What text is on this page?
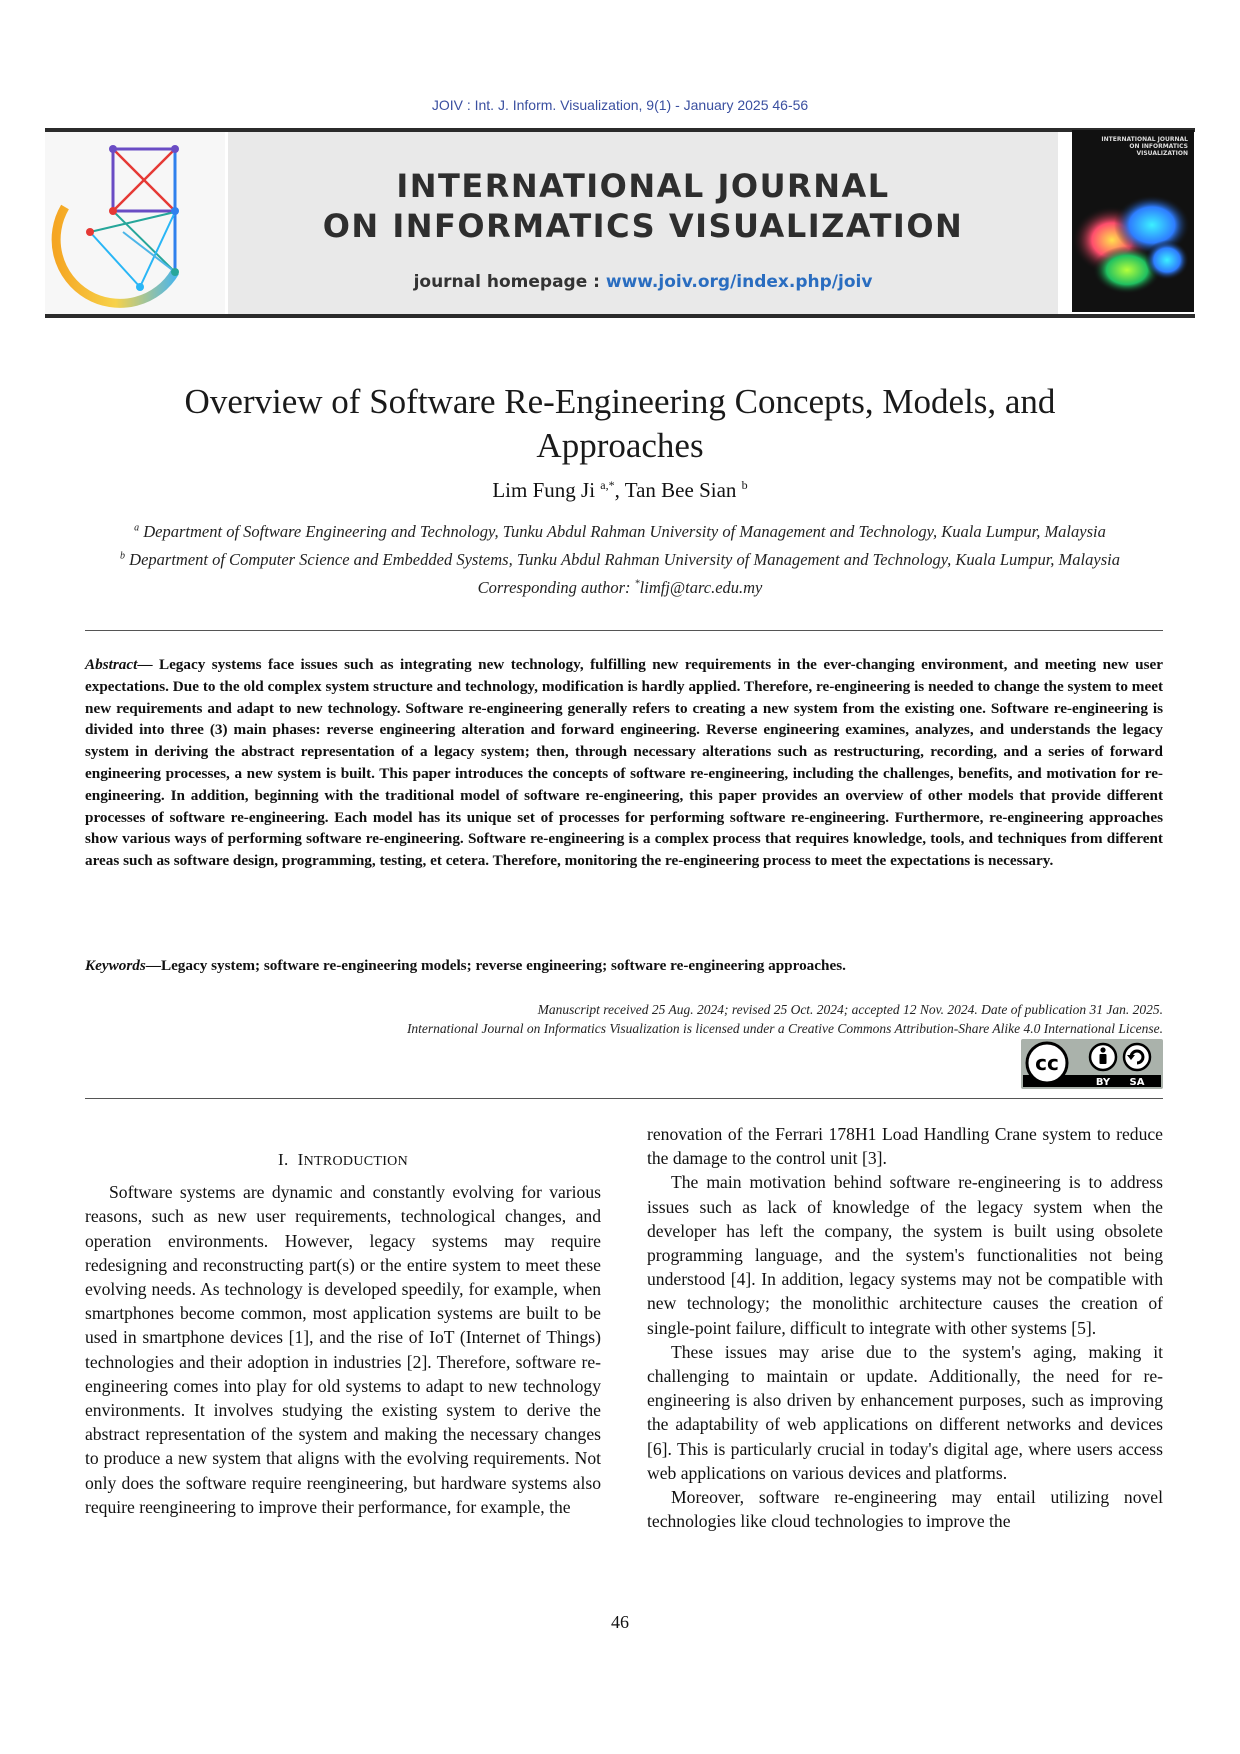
JOIV : Int. J. Inform. Visualization, 9(1) - January 2025 46-56
INTERNATIONAL JOURNAL
ON INFORMATICS VISUALIZATION
journal homepage : www.joiv.org/index.php/joiv
INTERNATIONAL JOURNAL ON INFORMATICS VISUALIZATION
Overview of Software Re-Engineering Concepts, Models, and Approaches
Lim Fung Ji $^{a,*}$, Tan Bee Sian $^b$
$^a$ Department of Software Engineering and Technology, Tunku Abdul Rahman University of Management and Technology, Kuala Lumpur, Malaysia
$^b$ Department of Computer Science and Embedded Systems, Tunku Abdul Rahman University of Management and Technology, Kuala Lumpur, Malaysia
Corresponding author: *limfj@tarc.edu.my
Abstract— Legacy systems face issues such as integrating new technology, fulfilling new requirements in the ever-changing environment, and meeting new user expectations. Due to the old complex system structure and technology, modification is hardly applied. Therefore, re-engineering is needed to change the system to meet new requirements and adapt to new technology. Software re-engineering generally refers to creating a new system from the existing one. Software re-engineering is divided into three (3) main phases: reverse engineering alteration and forward engineering. Reverse engineering examines, analyzes, and understands the legacy system in deriving the abstract representation of a legacy system; then, through necessary alterations such as restructuring, recording, and a series of forward engineering processes, a new system is built. This paper introduces the concepts of software re-engineering, including the challenges, benefits, and motivation for re-engineering. In addition, beginning with the traditional model of software re-engineering, this paper provides an overview of other models that provide different processes of software re-engineering. Each model has its unique set of processes for performing software re-engineering. Furthermore, re-engineering approaches show various ways of performing software re-engineering. Software re-engineering is a complex process that requires knowledge, tools, and techniques from different areas such as software design, programming, testing, et cetera. Therefore, monitoring the re-engineering process to meet the expectations is necessary.
Keywords—Legacy system; software re-engineering models; reverse engineering; software re-engineering approaches.
Manuscript received 25 Aug. 2024; revised 25 Oct. 2024; accepted 12 Nov. 2024. Date of publication 31 Jan. 2025.
International Journal on Informatics Visualization is licensed under a Creative Commons Attribution-Share Alike 4.0 International License.
cc
BY SA

I. INTRODUCTION

Software systems are dynamic and constantly evolving for various reasons, such as new user requirements, technological changes, and operation environments. However, legacy systems may require redesigning and reconstructing part(s) or the entire system to meet these evolving needs. As technology is developed speedily, for example, when smartphones become common, most application systems are built to be used in smartphone devices [1], and the rise of IoT (Internet of Things) technologies and their adoption in industries [2]. Therefore, software re-engineering comes into play for old systems to adapt to new technology environments. It involves studying the existing system to derive the abstract representation of the system and making the necessary changes to produce a new system that aligns with the evolving requirements. Not only does the software require reengineering, but hardware systems also require reengineering to improve their performance, for example, the

renovation of the Ferrari 178H1 Load Handling Crane system to reduce the damage to the control unit [3].

The main motivation behind software re-engineering is to address issues such as lack of knowledge of the legacy system when the developer has left the company, the system is built using obsolete programming language, and the system's functionalities not being understood [4]. In addition, legacy systems may not be compatible with new technology; the monolithic architecture causes the creation of single-point failure, difficult to integrate with other systems [5].

These issues may arise due to the system's aging, making it challenging to maintain or update. Additionally, the need for re-engineering is also driven by enhancement purposes, such as improving the adaptability of web applications on different networks and devices [6]. This is particularly crucial in today's digital age, where users access web applications on various devices and platforms.

Moreover, software re-engineering may entail utilizing novel technologies like cloud technologies to improve the

46
